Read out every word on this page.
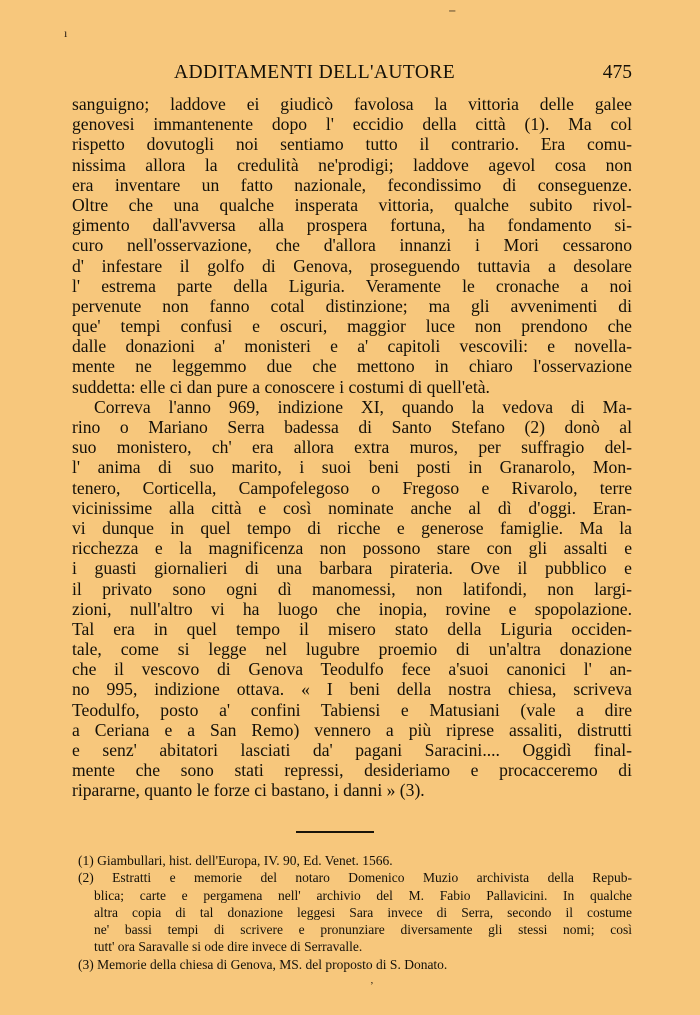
ı
⁻
ADDITAMENTI DELL'AUTORE	475
sanguigno; laddove ei giudicò favolosa la vittoria delle galee
genovesi immantenente dopo l' eccidio della città (1). Ma col
rispetto dovutogli noi sentiamo tutto il contrario. Era comu-
nissima allora la credulità ne'prodigi; laddove agevol cosa non
era inventare un fatto nazionale, fecondissimo di conseguenze.
Oltre che una qualche insperata vittoria, qualche subito rivol-
gimento dall'avversa alla prospera fortuna, ha fondamento si-
curo nell'osservazione, che d'allora innanzi i Mori cessarono
d' infestare il golfo di Genova, proseguendo tuttavia a desolare
l' estrema parte della Liguria. Veramente le cronache a noi
pervenute non fanno cotal distinzione; ma gli avvenimenti di
que' tempi confusi e oscuri, maggior luce non prendono che
dalle donazioni a' monisteri e a' capitoli vescovili: e novella-
mente ne leggemmo due che mettono in chiaro l'osservazione
suddetta: elle ci dan pure a conoscere i costumi di quell'età.
Correva l'anno 969, indizione XI, quando la vedova di Ma-
rino o Mariano Serra badessa di Santo Stefano (2) donò al
suo monistero, ch' era allora extra muros, per suffragio del-
l' anima di suo marito, i suoi beni posti in Granarolo, Mon-
tenero, Corticella, Campofelegoso o Fregoso e Rivarolo, terre
vicinissime alla città e così nominate anche al dì d'oggi. Eran-
vi dunque in quel tempo di ricche e generose famiglie. Ma la
ricchezza e la magnificenza non possono stare con gli assalti e
i guasti giornalieri di una barbara pirateria. Ove il pubblico e
il privato sono ogni dì manomessi, non latifondi, non largi-
zioni, null'altro vi ha luogo che inopia, rovine e spopolazione.
Tal era in quel tempo il misero stato della Liguria occiden-
tale, come si legge nel lugubre proemio di un'altra donazione
che il vescovo di Genova Teodulfo fece a'suoi canonici l' an-
no 995, indizione ottava. « I beni della nostra chiesa, scriveva
Teodulfo, posto a' confini Tabiensi e Matusiani (vale a dire
a Ceriana e a San Remo) vennero a più riprese assaliti, distrutti
e senz' abitatori lasciati da' pagani Saracini.... Oggidì final-
mente che sono stati repressi, desideriamo e procacceremo di
ripararne, quanto le forze ci bastano, i danni » (3).
(1) Giambullari, hist. dell'Europa, IV. 90, Ed. Venet. 1566.
(2) Estratti e memorie del notaro Domenico Muzio archivista della Repub-
blica; carte e pergamena nell' archivio del M. Fabio Pallavicini. In qualche
altra copia di tal donazione leggesi Sara invece di Serra, secondo il costume
ne' bassi tempi di scrivere e pronunziare diversamente gli stessi nomi; così
tutt' ora Saravalle si ode dire invece di Serravalle.
(3) Memorie della chiesa di Genova, MS. del proposto di S. Donato.
ʼ
